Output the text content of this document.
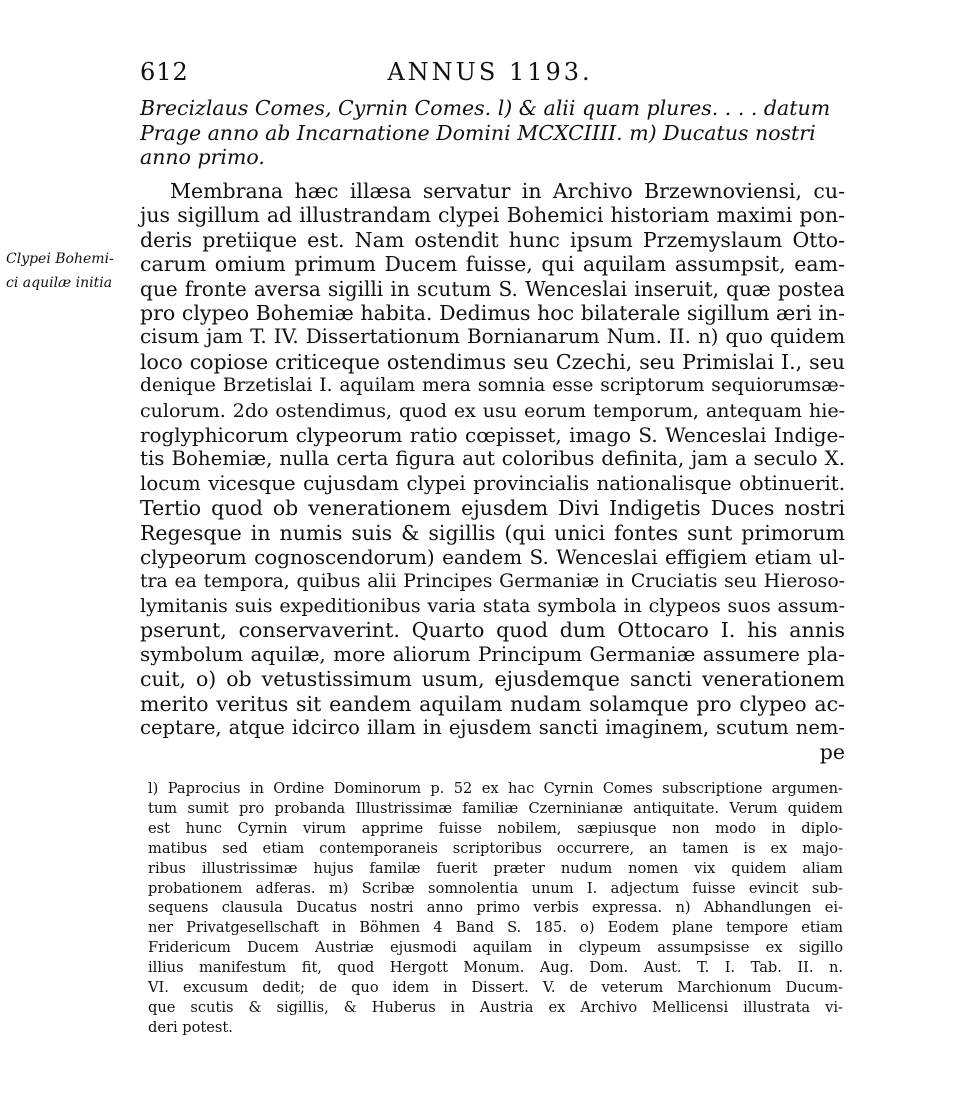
612	ANNUS 1193.
Brecizlaus Comes, Cyrnin Comes. l) & alii quam plures. . . . datum
Prage anno ab Incarnatione Domini MCXCIIII. m) Ducatus nostri
anno primo.
Clypei Bohemi-
ci aquilæ initia
Membrana hæc illæsa servatur in Archivo Brzewnoviensi, cu-
jus sigillum ad illustrandam clypei Bohemici historiam maximi pon-
deris pretiique est. Nam ostendit hunc ipsum Przemyslaum Otto-
carum omium primum Ducem fuisse, qui aquilam assumpsit, eam-
que fronte aversa sigilli in scutum S. Wenceslai inseruit, quæ postea
pro clypeo Bohemiæ habita. Dedimus hoc bilaterale sigillum æri in-
cisum jam T. IV. Dissertationum Bornianarum Num. II. n) quo quidem
loco copiose criticeque ostendimus seu Czechi, seu Primislai I., seu
denique Brzetislai I. aquilam mera somnia esse scriptorum sequiorumsæ-
culorum. 2do ostendimus, quod ex usu eorum temporum, antequam hie-
roglyphicorum clypeorum ratio cœpisset, imago S. Wenceslai Indige-
tis Bohemiæ, nulla certa figura aut coloribus definita, jam a seculo X.
locum vicesque cujusdam clypei provincialis nationalisque obtinuerit.
Tertio quod ob venerationem ejusdem Divi Indigetis Duces nostri
Regesque in numis suis & sigillis (qui unici fontes sunt primorum
clypeorum cognoscendorum) eandem S. Wenceslai effigiem etiam ul-
tra ea tempora, quibus alii Principes Germaniæ in Cruciatis seu Hieroso-
lymitanis suis expeditionibus varia stata symbola in clypeos suos assum-
pserunt, conservaverint. Quarto quod dum Ottocaro I. his annis
symbolum aquilæ, more aliorum Principum Germaniæ assumere pla-
cuit, o) ob vetustissimum usum, ejusdemque sancti venerationem
merito veritus sit eandem aquilam nudam solamque pro clypeo ac-
ceptare, atque idcirco illam in ejusdem sancti imaginem, scutum nem-
pe
l) Paprocius in Ordine Dominorum p. 52 ex hac Cyrnin Comes subscriptione argumen-
tum sumit pro probanda Illustrissimæ familiæ Czerninianæ antiquitate. Verum quidem
est hunc Cyrnin virum apprime fuisse nobilem, sæpiusque non modo in diplo-
matibus sed etiam contemporaneis scriptoribus occurrere, an tamen is ex majo-
ribus illustrissimæ hujus familæ fuerit præter nudum nomen vix quidem aliam
probationem adferas. m) Scribæ somnolentia unum I. adjectum fuisse evincit sub-
sequens clausula Ducatus nostri anno primo verbis expressa. n) Abhandlungen ei-
ner Privatgesellschaft in Böhmen 4 Band S. 185. o) Eodem plane tempore etiam
Fridericum Ducem Austriæ ejusmodi aquilam in clypeum assumpsisse ex sigillo
illius manifestum fit, quod Hergott Monum. Aug. Dom. Aust. T. I. Tab. II. n.
VI. excusum dedit; de quo idem in Dissert. V. de veterum Marchionum Ducum-
que scutis & sigillis, & Huberus in Austria ex Archivo Mellicensi illustrata vi-
deri potest.
